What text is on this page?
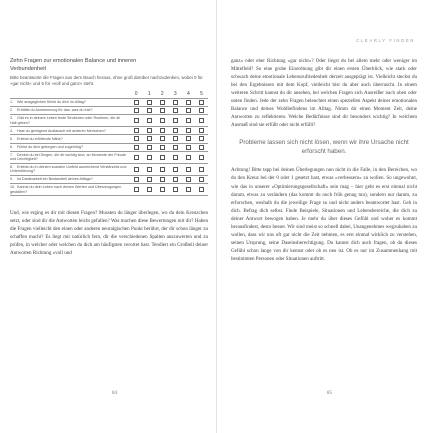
CLEARLY FINDEN

Zehn Fragen zur emotionalen Balance und inneren Verbundenheit

Bitte beantworte die Fragen aus dem Bauch heraus, ohne groß darüber nachzudenken, wobei 0 für »gar nicht« und 5 für »voll und ganz« steht.

	0	1	2	3	4	5
1. Wie ausgeglichen fühlst du dich im Alltag?						
2. Erhältst du Anerkennung für das, was du tust?						
3. Gibt es in deinem Leben feste Strukturen oder Routinen, die dir Halt geben?						
4. Hast du genügend Austausch mit anderen Menschen?						
5. Erlebst du erfüllende Nähe?						
6. Fühlst du dich geborgen und zugehörig?						
7. Denkst du bei Dingen, die dir wichtig sind, an Momente der Freude und Leichtigkeit?						
8. Erlebst du in deinem sozialen Umfeld ausreichend Verständnis und Unterstützung?						
9. Ist Dankbarkeit ein Bestandteil deines Alltags?						
10. Kannst du dein Leben nach deinen Werten und Überzeugungen gestalten?						

Und, wie erging es dir mit diesen Fragen? Mussten du länger überlegen, wo du dein Kreuzchen setzt, oder sind dir die Antworten leicht gefallen? Was machen diese Bewertungen mit dir? Haben die Fragen vielleicht den einen oder anderen neuralgischen Punkt berührt, der dir schon länger zu schaffen macht? Es liegt mir natürlich fern, dir die verschiedenen Spalten auszuwerten und zu prüfen, in welcher oder welchen du dich am häufigsten verortet hast. Tendiert ein Großteil deiner Antworten Richtung »voll und

84

ganz« oder eher Richtung »gar nicht«? Oder liegst du bei allem mehr oder weniger im Mittelfeld? So eine grobe Einordnung gibt dir einen ersten Überblick, wie stark oder schwach deine emotionale Lebenszufriedenheit derzeit ausgeprägt ist. Vielleicht steckst du bei den Ergebnissen mit dem Kopf, vielleicht bist du aber auch überrascht. In einem weiteren Schritt kannst du dir ansehen, bei welchen Fragen sich Ausreißer nach oben oder unten finden. Jede der zehn Fragen beleuchtet einen speziellen Aspekt deiner emotionalen Balance und deines Wohlbefindens im Alltag. Nimm dir einen Moment Zeit, deine Antworten zu reflektieren. Welche Bedürfnisse sind dir besonders wichtig? In welchem Ausmaß sind sie erfüllt oder nicht erfüllt?

Probleme lassen sich nicht lösen, wenn wir ihre Ursache nicht erforscht haben.

Achtung! Bitte tapp bei deinen Überlegungen nun nicht in die Falle, in den Bereichen, wo du den Kreuz bei der 0 oder 1 gesetzt hast, etwas »verbessern« zu wollen. So ungewohnt, wie das in unserer »Optimierungsgesellschaft« sein mag – hier geht es erst einmal nicht darum, etwas zu verändern (das kommt du noch früh genug tun), sondern nur darum, zu erforschen, weshalb du die jeweilige Frage so und nicht anders beantwortet hast. Geh in dich. Befrag dich selbst. Finde Beispiele, Situationen und Lebensbereiche, die dich zu deiner Antwort bewogen haben. Je mehr du über dieses Gefühl und woher es kommt herausfindest, desto besser. Wir sind meist so schnell dabei, Unangenehmes wegzuhaben zu wollen, dass wir uns oft gar nicht die Zeit nehmen, es erst einmal wirklich zu verstehen, seinen Ursprung, seine Daseinsberechtigung. Du kannst dich auch fragen, ob du dieses Gefühl schon lange von dir kennst oder ob es neu ist. Ob es nur im Zusammenhang mit bestimmten Personen oder Situationen auftritt.

85
